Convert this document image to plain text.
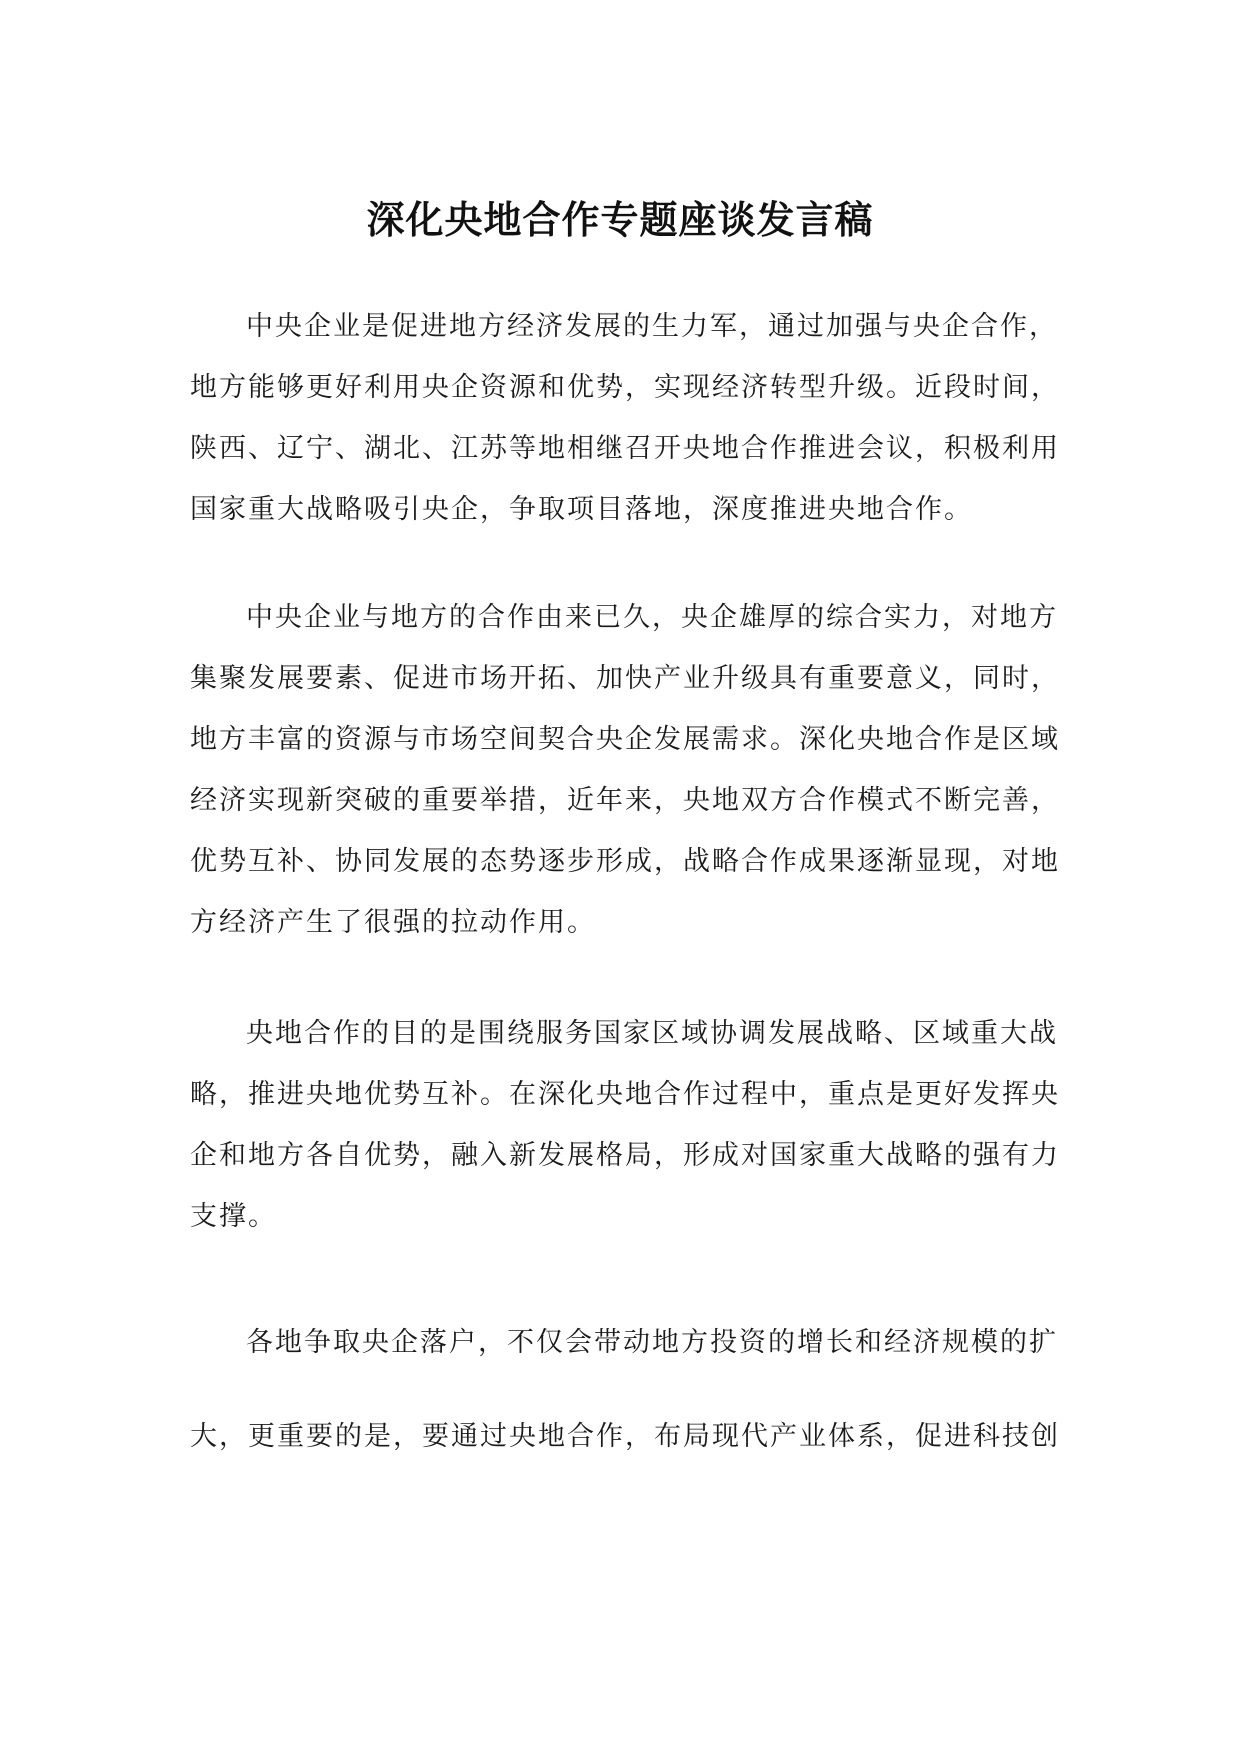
深化央地合作专题座谈发言稿
中央企业是促进地方经济发展的生力军，通过加强与央企合作，
地方能够更好利用央企资源和优势，实现经济转型升级。近段时间，
陕西、辽宁、湖北、江苏等地相继召开央地合作推进会议，积极利用
国家重大战略吸引央企，争取项目落地，深度推进央地合作。
中央企业与地方的合作由来已久，央企雄厚的综合实力，对地方
集聚发展要素、促进市场开拓、加快产业升级具有重要意义，同时，
地方丰富的资源与市场空间契合央企发展需求。深化央地合作是区域
经济实现新突破的重要举措，近年来，央地双方合作模式不断完善，
优势互补、协同发展的态势逐步形成，战略合作成果逐渐显现，对地
方经济产生了很强的拉动作用。
央地合作的目的是围绕服务国家区域协调发展战略、区域重大战
略，推进央地优势互补。在深化央地合作过程中，重点是更好发挥央
企和地方各自优势，融入新发展格局，形成对国家重大战略的强有力
支撑。
各地争取央企落户，不仅会带动地方投资的增长和经济规模的扩
大，更重要的是，要通过央地合作，布局现代产业体系，促进科技创
